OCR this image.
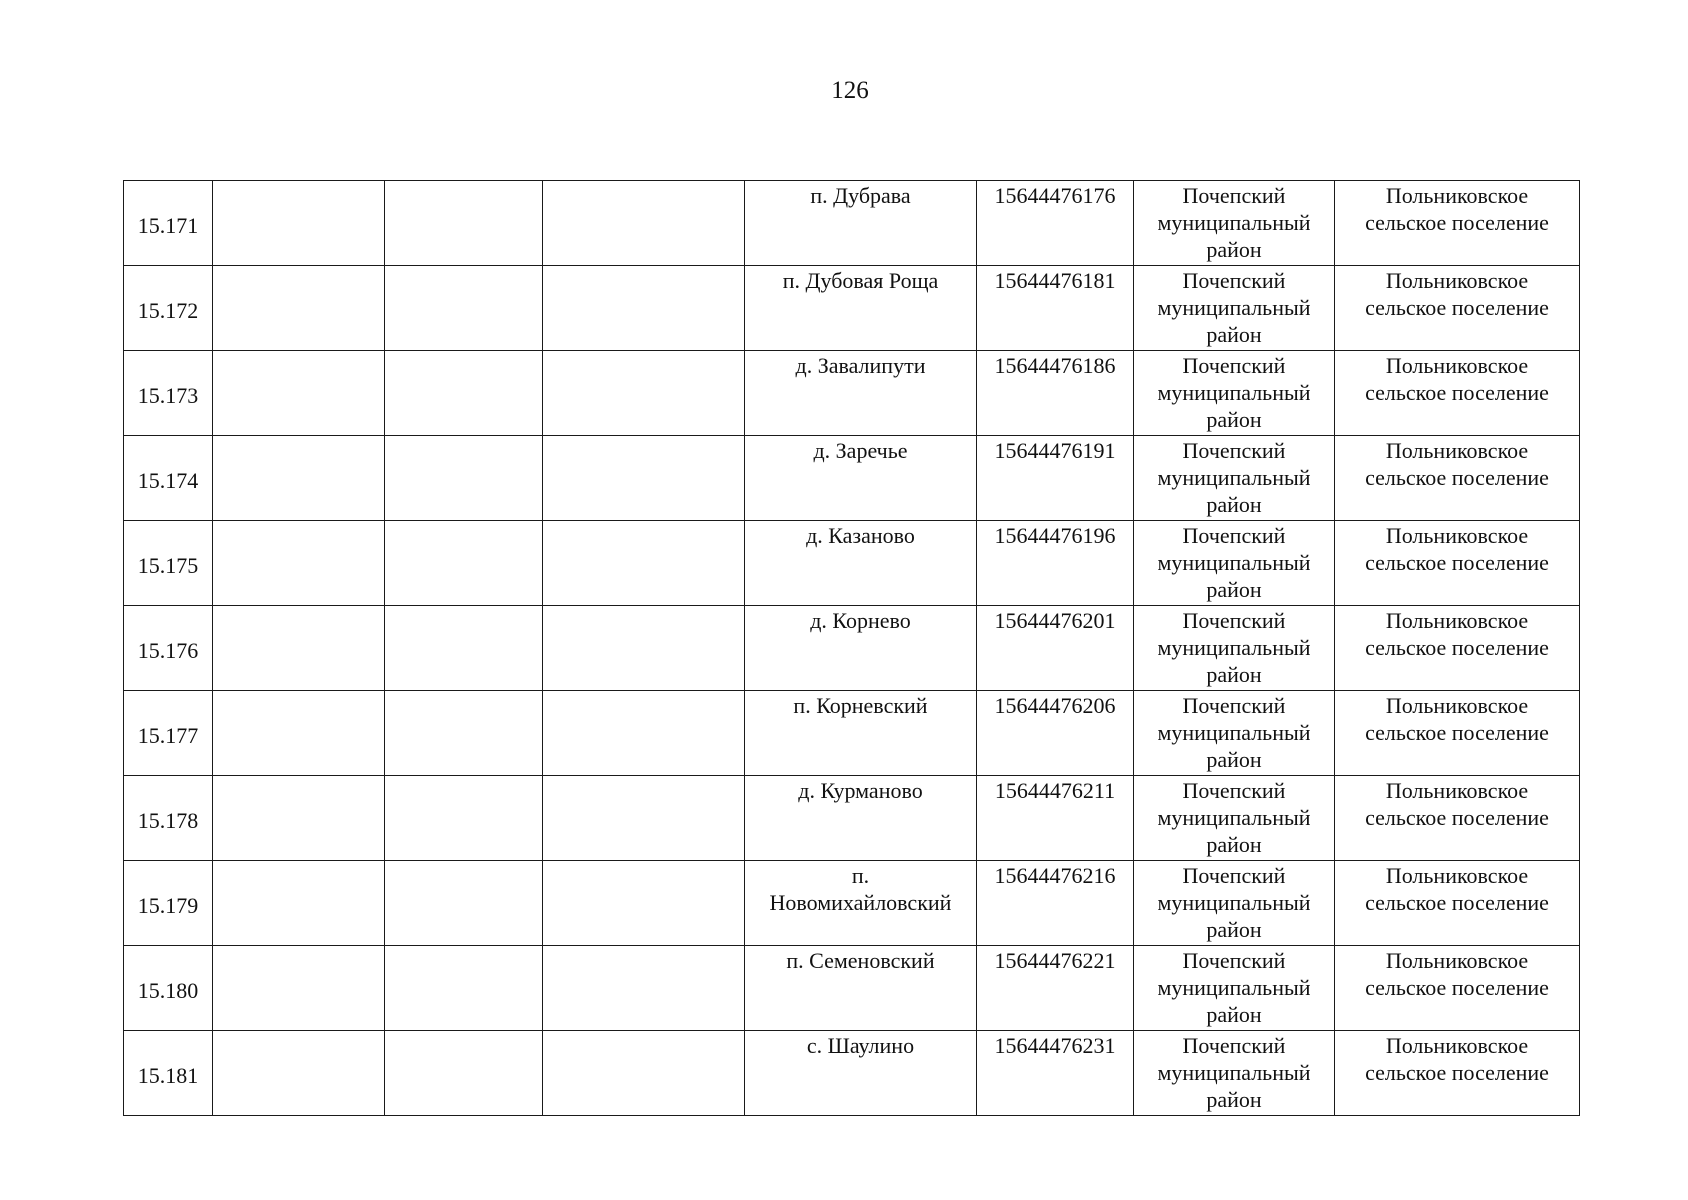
126
15.171				п. Дубрава	15644476176	Почепский
муниципальный
район	Польниковское
сельское поселение

15.172				п. Дубовая Роща	15644476181	Почепский
муниципальный
район	Польниковское
сельское поселение

15.173				д. Завалипути	15644476186	Почепский
муниципальный
район	Польниковское
сельское поселение

15.174				д. Заречье	15644476191	Почепский
муниципальный
район	Польниковское
сельское поселение

15.175				д. Казаново	15644476196	Почепский
муниципальный
район	Польниковское
сельское поселение

15.176				д. Корнево	15644476201	Почепский
муниципальный
район	Польниковское
сельское поселение

15.177				п. Корневский	15644476206	Почепский
муниципальный
район	Польниковское
сельское поселение

15.178				д. Курманово	15644476211	Почепский
муниципальный
район	Польниковское
сельское поселение

15.179				п.
Новомихайловский	15644476216	Почепский
муниципальный
район	Польниковское
сельское поселение

15.180				п. Семеновский	15644476221	Почепский
муниципальный
район	Польниковское
сельское поселение

15.181				с. Шаулино	15644476231	Почепский
муниципальный
район	Польниковское
сельское поселение
